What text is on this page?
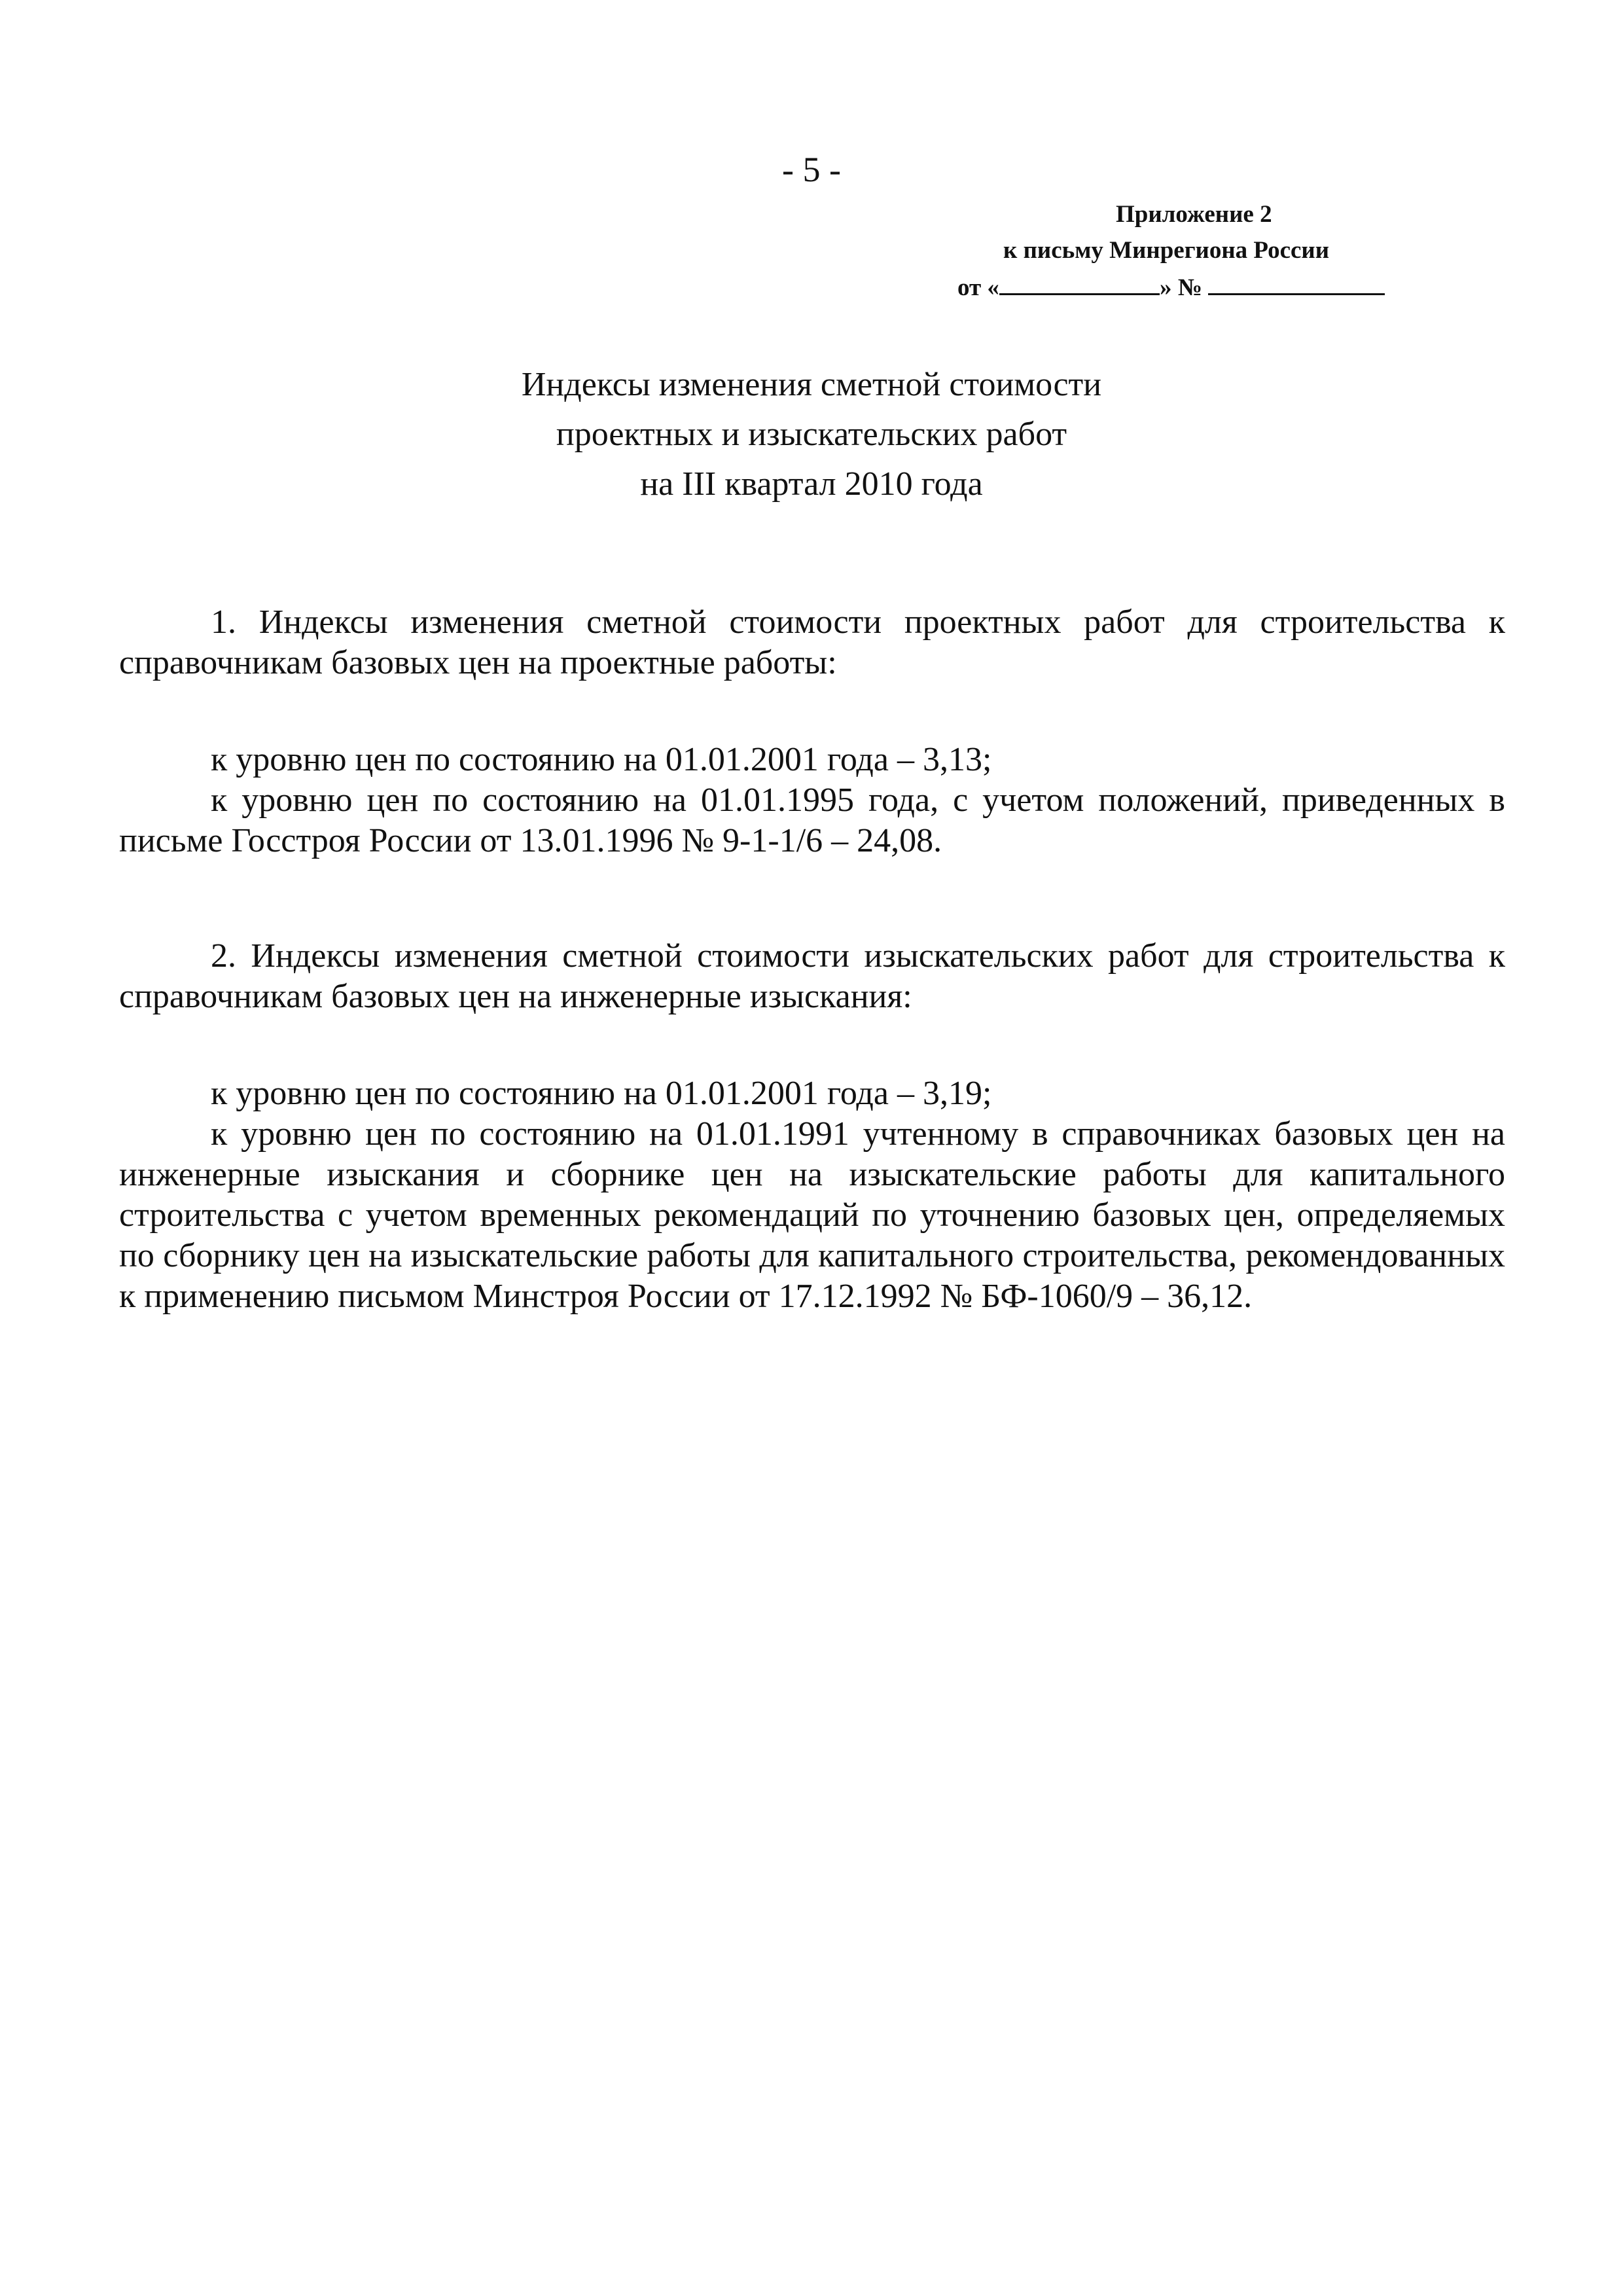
- 5 -
Приложение 2
к письму Минрегиона России
от «	» №
Индексы изменения сметной стоимости
проектных и изыскательских работ
на III квартал 2010 года

1. Индексы изменения сметной стоимости проектных работ для строительства к справочникам базовых цен на проектные работы:

к уровню цен по состоянию на 01.01.2001 года – 3,13;

к уровню цен по состоянию на 01.01.1995 года, с учетом положений, приведенных в письме Госстроя России от 13.01.1996 № 9-1-1/6 – 24,08.

2. Индексы изменения сметной стоимости изыскательских работ для строительства к справочникам базовых цен на инженерные изыскания:

к уровню цен по состоянию на 01.01.2001 года – 3,19;

к уровню цен по состоянию на 01.01.1991 учтенному в справочниках базовых цен на инженерные изыскания и сборнике цен на изыскательские работы для капитального строительства с учетом временных рекомендаций по уточнению базовых цен, определяемых по сборнику цен на изыскательские работы для капитального строительства, рекомендованных к применению письмом Минстроя России от 17.12.1992 № БФ-1060/9 – 36,12.
